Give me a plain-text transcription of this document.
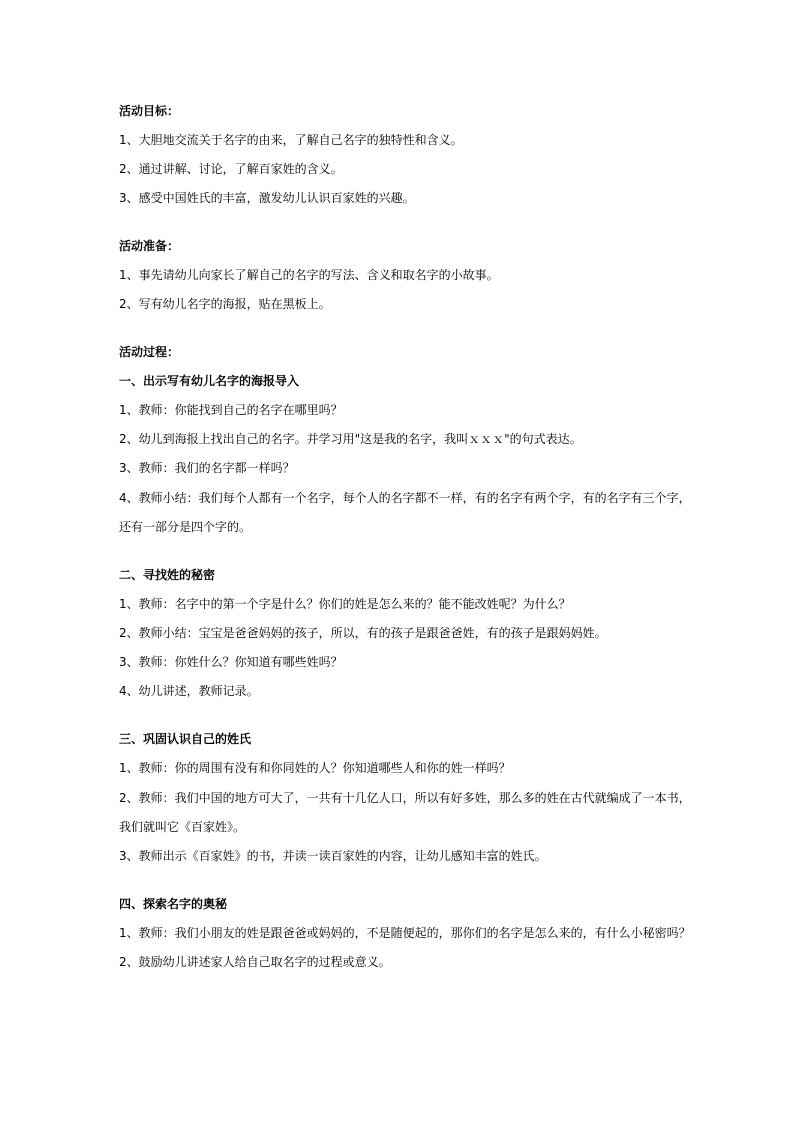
活动目标：
1、大胆地交流关于名字的由来，了解自己名字的独特性和含义。
2、通过讲解、讨论，了解百家姓的含义。
3、感受中国姓氏的丰富，激发幼儿认识百家姓的兴趣。
活动准备：
1、事先请幼儿向家长了解自己的名字的写法、含义和取名字的小故事。
2、写有幼儿名字的海报，贴在黑板上。
活动过程：
一、出示写有幼儿名字的海报导入
1、教师：你能找到自己的名字在哪里吗？
2、幼儿到海报上找出自己的名字。并学习用"这是我的名字，我叫ｘｘｘ"的句式表达。
3、教师：我们的名字都一样吗？
4、教师小结：我们每个人都有一个名字，每个人的名字都不一样，有的名字有两个字，有的名字有三个字，
还有一部分是四个字的。
二、寻找姓的秘密
1、教师：名字中的第一个字是什么？你们的姓是怎么来的？能不能改姓呢？为什么？
2、教师小结：宝宝是爸爸妈妈的孩子，所以，有的孩子是跟爸爸姓，有的孩子是跟妈妈姓。
3、教师：你姓什么？你知道有哪些姓吗？
4、幼儿讲述，教师记录。
三、巩固认识自己的姓氏
1、教师：你的周围有没有和你同姓的人？你知道哪些人和你的姓一样吗？
2、教师：我们中国的地方可大了，一共有十几亿人口，所以有好多姓，那么多的姓在古代就编成了一本书，
我们就叫它《百家姓》。
3、教师出示《百家姓》的书，并读一读百家姓的内容，让幼儿感知丰富的姓氏。
四、探索名字的奥秘
1、教师：我们小朋友的姓是跟爸爸或妈妈的，不是随便起的，那你们的名字是怎么来的，有什么小秘密吗？
2、鼓励幼儿讲述家人给自己取名字的过程或意义。
